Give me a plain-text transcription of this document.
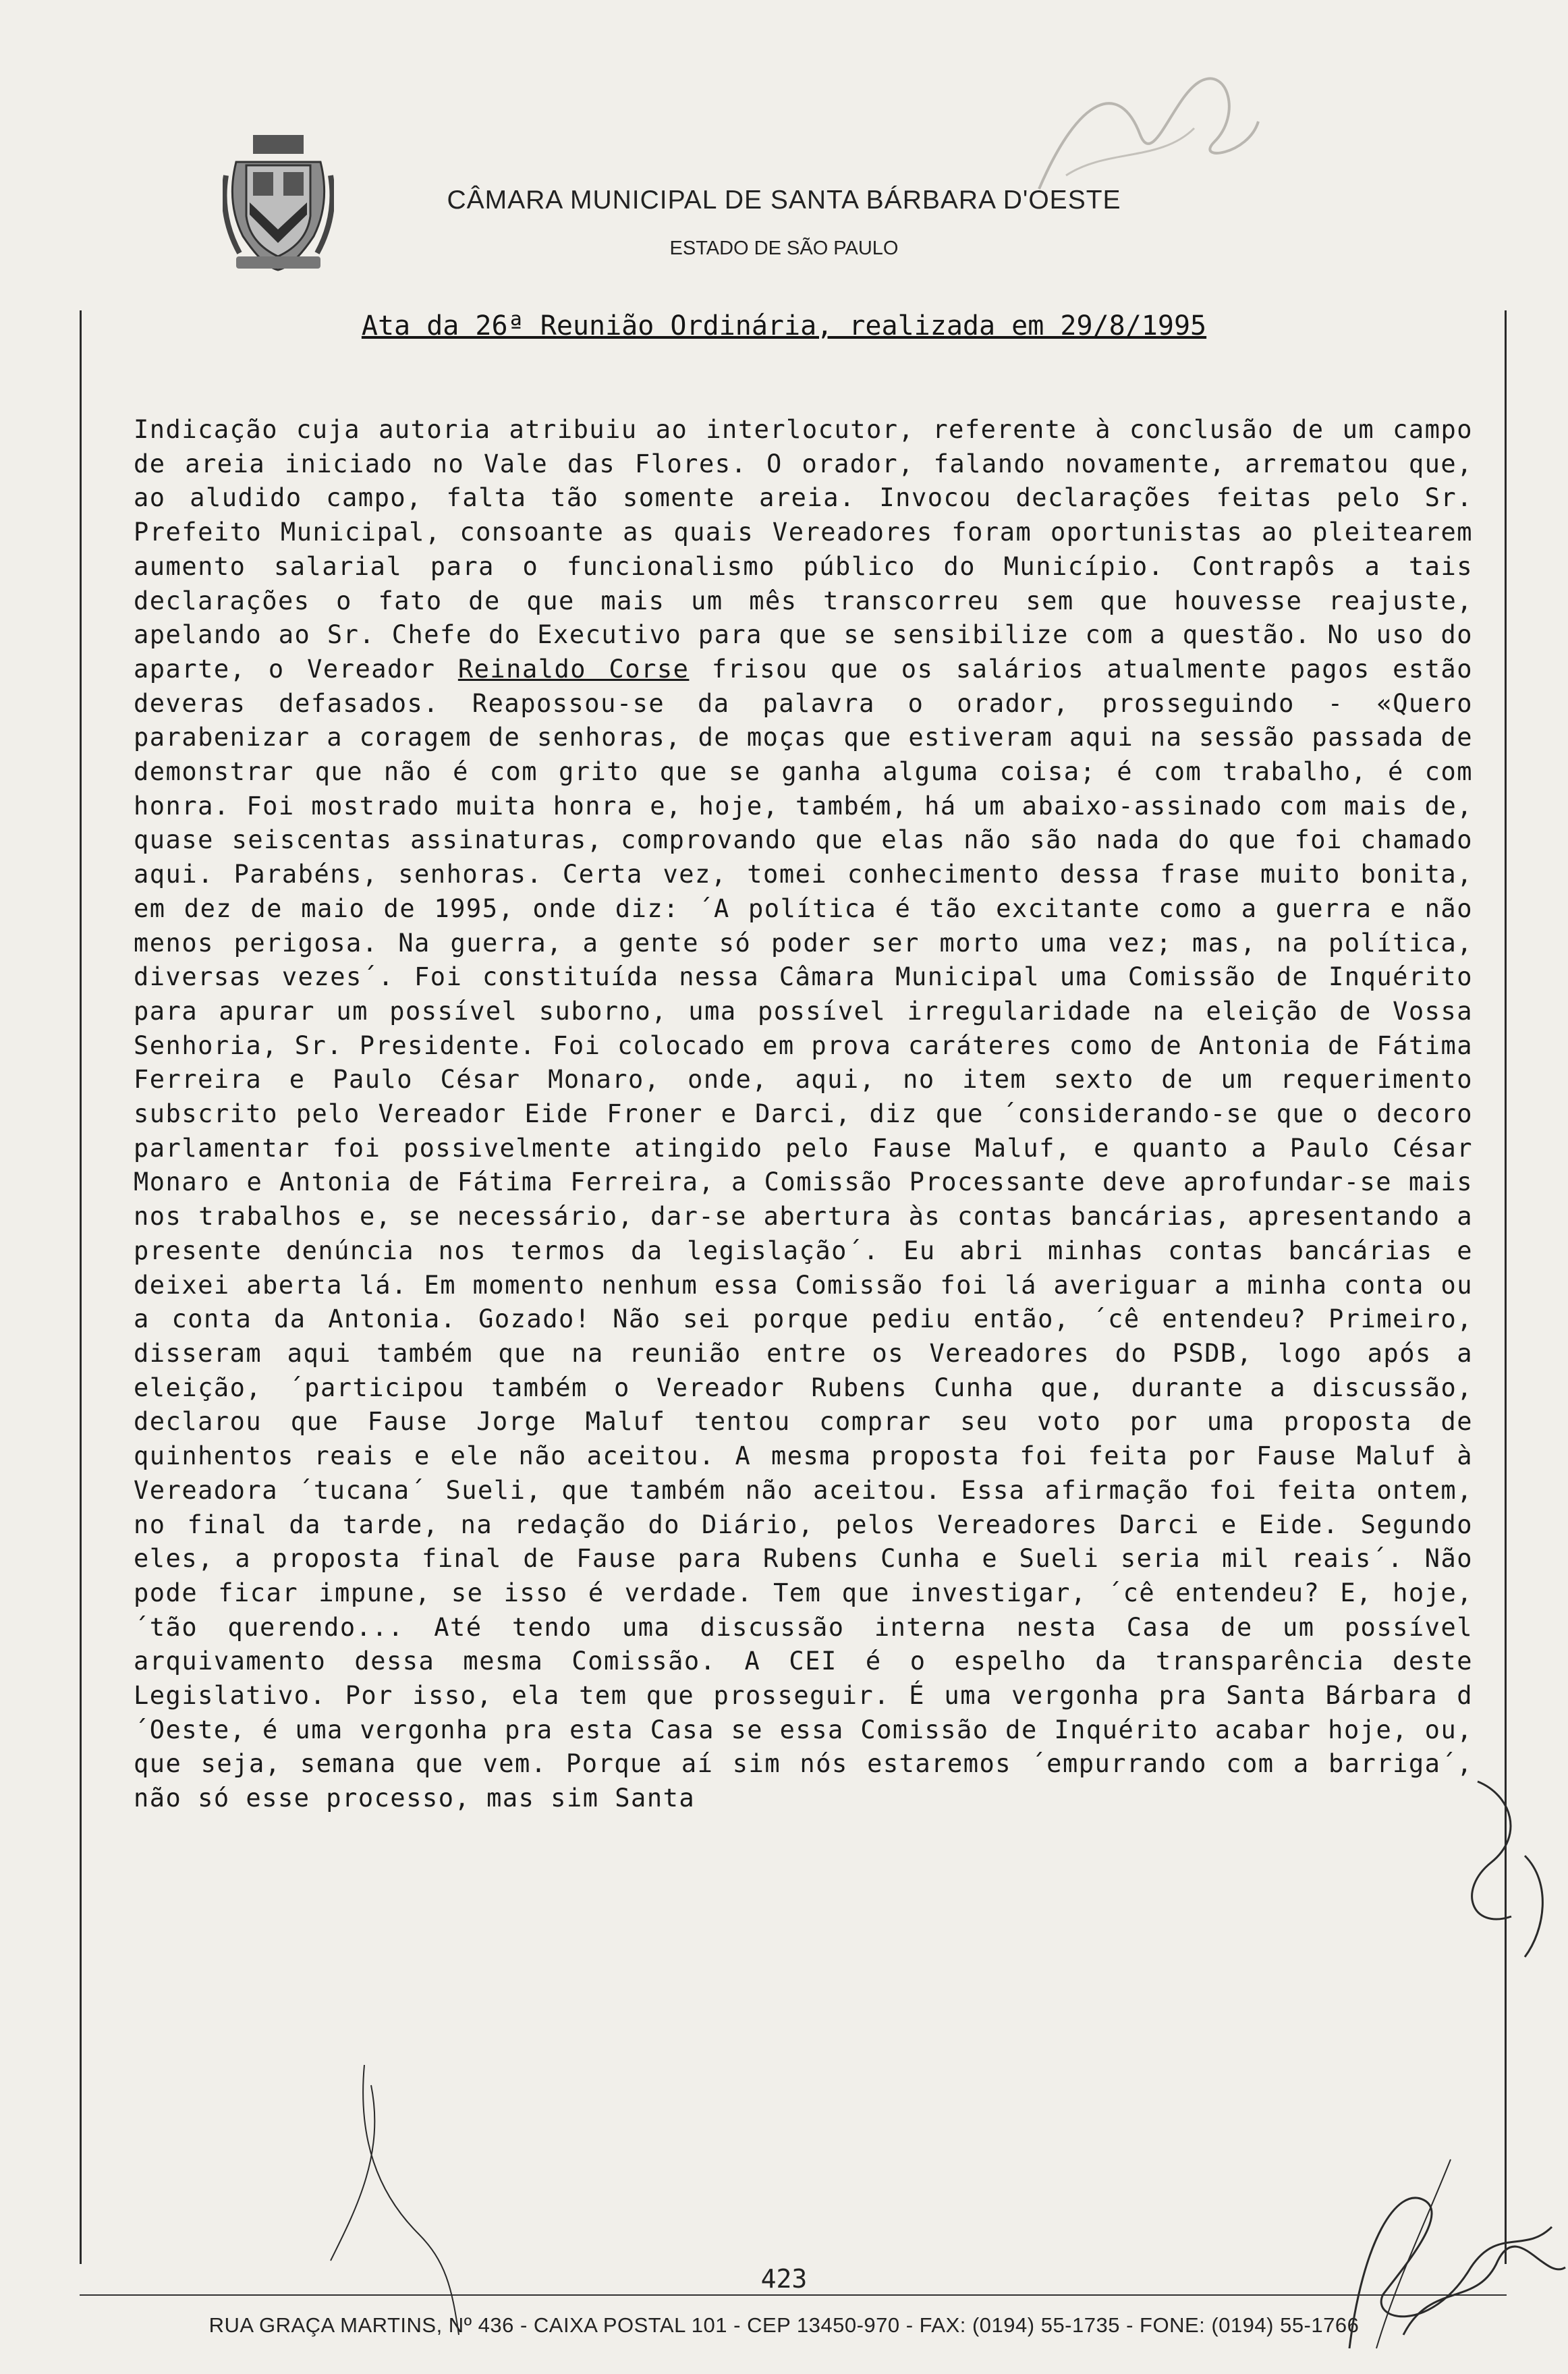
CÂMARA MUNICIPAL DE SANTA BÁRBARA D'OESTE
ESTADO DE SÃO PAULO
Ata da 26ª Reunião Ordinária, realizada em 29/8/1995
Indicação cuja autoria atribuiu ao interlocutor, referente à conclusão de um campo de areia iniciado no Vale das Flores. O orador, falando novamente, arrematou que, ao aludido campo, falta tão somente areia. Invocou declarações feitas pelo Sr. Prefeito Municipal, consoante as quais Vereadores foram oportunistas ao pleitearem aumento salarial para o funcionalismo público do Município. Contrapôs a tais declarações o fato de que mais um mês transcorreu sem que houvesse reajuste, apelando ao Sr. Chefe do Executivo para que se sensibilize com a questão. No uso do aparte, o Vereador Reinaldo Corse frisou que os salários atualmente pagos estão deveras defasados. Reapossou-se da palavra o orador, prosseguindo - «Quero parabenizar a coragem de senhoras, de moças que estiveram aqui na sessão passada de demonstrar que não é com grito que se ganha alguma coisa; é com trabalho, é com honra. Foi mostrado muita honra e, hoje, também, há um abaixo-assinado com mais de, quase seiscentas assinaturas, comprovando que elas não são nada do que foi chamado aqui. Parabéns, senhoras. Certa vez, tomei conhecimento dessa frase muito bonita, em dez de maio de 1995, onde diz: ´A política é tão excitante como a guerra e não menos perigosa. Na guerra, a gente só poder ser morto uma vez; mas, na política, diversas vezes´. Foi constituída nessa Câmara Municipal uma Comissão de Inquérito para apurar um possível suborno, uma possível irregularidade na eleição de Vossa Senhoria, Sr. Presidente. Foi colocado em prova caráteres como de Antonia de Fátima Ferreira e Paulo César Monaro, onde, aqui, no item sexto de um requerimento subscrito pelo Vereador Eide Froner e Darci, diz que ´considerando-se que o decoro parlamentar foi possivelmente atingido pelo Fause Maluf, e quanto a Paulo César Monaro e Antonia de Fátima Ferreira, a Comissão Processante deve aprofundar-se mais nos trabalhos e, se necessário, dar-se abertura às contas bancárias, apresentando a presente denúncia nos termos da legislação´. Eu abri minhas contas bancárias e deixei aberta lá. Em momento nenhum essa Comissão foi lá averiguar a minha conta ou a conta da Antonia. Gozado! Não sei porque pediu então, ´cê entendeu? Primeiro, disseram aqui também que na reunião entre os Vereadores do PSDB, logo após a eleição, ´participou também o Vereador Rubens Cunha que, durante a discussão, declarou que Fause Jorge Maluf tentou comprar seu voto por uma proposta de quinhentos reais e ele não aceitou. A mesma proposta foi feita por Fause Maluf à Vereadora ´tucana´ Sueli, que também não aceitou. Essa afirmação foi feita ontem, no final da tarde, na redação do Diário, pelos Vereadores Darci e Eide. Segundo eles, a proposta final de Fause para Rubens Cunha e Sueli seria mil reais´. Não pode ficar impune, se isso é verdade. Tem que investigar, ´cê entendeu? E, hoje, ´tão querendo... Até tendo uma discussão interna nesta Casa de um possível arquivamento dessa mesma Comissão. A CEI é o espelho da transparência deste Legislativo. Por isso, ela tem que prosseguir. É uma vergonha pra Santa Bárbara d´Oeste, é uma vergonha pra esta Casa se essa Comissão de Inquérito acabar hoje, ou, que seja, semana que vem. Porque aí sim nós estaremos ´empurrando com a barriga´, não só esse processo, mas sim Santa
423
RUA GRAÇA MARTINS, Nº 436 - CAIXA POSTAL 101 - CEP 13450-970 - FAX: (0194) 55-1735 - FONE: (0194) 55-1766
